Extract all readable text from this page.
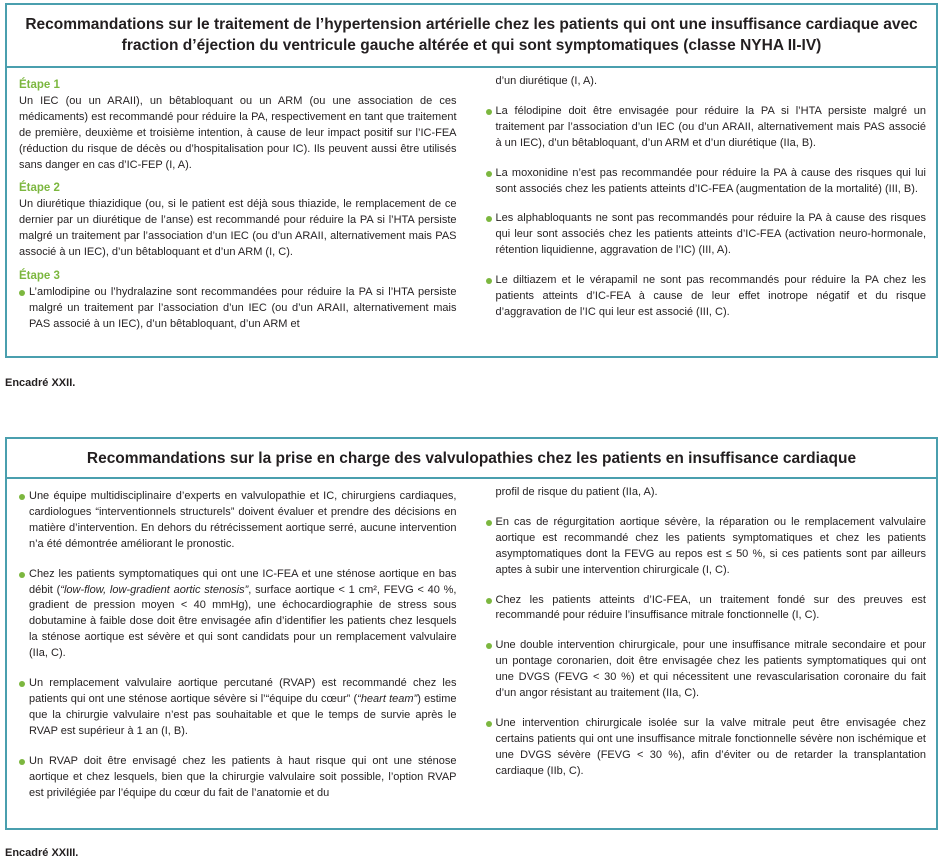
Recommandations sur le traitement de l’hypertension artérielle chez les patients qui ont une insuffisance cardiaque avec
fraction d’éjection du ventricule gauche altérée et qui sont symptomatiques (classe NYHA II-IV)
Étape 1

Un IEC (ou un ARAII), un bêtabloquant ou un ARM (ou une association de ces médicaments) est recommandé pour réduire la PA, respectivement en tant que traitement de première, deuxième et troisième intention, à cause de leur impact positif sur l’IC-FEA (réduction du risque de décès ou d’hospitalisation pour IC). Ils peuvent aussi être utilisés sans danger en cas d’IC-FEP (I, A).

Étape 2

Un diurétique thiazidique (ou, si le patient est déjà sous thiazide, le remplacement de ce dernier par un diurétique de l’anse) est recommandé pour réduire la PA si l’HTA persiste malgré un traitement par l’association d’un IEC (ou d’un ARAII, alternativement mais PAS associé à un IEC), d’un bêtabloquant et d’un ARM (I, C).

Étape 3
L’amlodipine ou l’hydralazine sont recommandées pour réduire la PA si l’HTA persiste malgré un traitement par l’association d’un IEC (ou d’un ARAII, alternativement mais PAS associé à un IEC), d’un bêtabloquant, d’un ARM et

d’un diurétique (I, A).

La félodipine doit être envisagée pour réduire la PA si l’HTA persiste malgré un traitement par l’association d’un IEC (ou d’un ARAII, alternativement mais PAS associé à un IEC), d’un bêtabloquant, d’un ARM et d’un diurétique (IIa, B).
La moxonidine n’est pas recommandée pour réduire la PA à cause des risques qui lui sont associés chez les patients atteints d’IC-FEA (augmentation de la mortalité) (III, B).
Les alphabloquants ne sont pas recommandés pour réduire la PA à cause des risques qui leur sont associés chez les patients atteints d’IC-FEA (activation neuro-hormonale, rétention liquidienne, aggravation de l’IC) (III, A).
Le diltiazem et le vérapamil ne sont pas recommandés pour réduire la PA chez les patients atteints d’IC-FEA à cause de leur effet inotrope négatif et du risque d’aggravation de l’IC qui leur est associé (III, C).
Encadré XXII.
Recommandations sur la prise en charge des valvulopathies chez les patients en insuffisance cardiaque
Une équipe multidisciplinaire d’experts en valvulopathie et IC, chirurgiens cardiaques, cardiologues “interventionnels structurels” doivent évaluer et prendre des décisions en matière d’intervention. En dehors du rétrécissement aortique serré, aucune intervention n’a été démontrée améliorant le pronostic.
Chez les patients symptomatiques qui ont une IC-FEA et une sténose aortique en bas débit (“low-flow, low-gradient aortic stenosis”, surface aortique < 1 cm², FEVG < 40 %, gradient de pression moyen < 40 mmHg), une échocardiographie de stress sous dobutamine à faible dose doit être envisagée afin d’identifier les patients chez lesquels la sténose aortique est sévère et qui sont candidats pour un remplacement valvulaire (IIa, C).
Un remplacement valvulaire aortique percutané (RVAP) est recommandé chez les patients qui ont une sténose aortique sévère si l’“équipe du cœur” (“heart team”) estime que la chirurgie valvulaire n’est pas souhaitable et que le temps de survie après le RVAP est supérieur à 1 an (I, B).
Un RVAP doit être envisagé chez les patients à haut risque qui ont une sténose aortique et chez lesquels, bien que la chirurgie valvulaire soit possible, l’option RVAP est privilégiée par l’équipe du cœur du fait de l’anatomie et du

profil de risque du patient (IIa, A).

En cas de régurgitation aortique sévère, la réparation ou le remplacement valvulaire aortique est recommandé chez les patients symptomatiques et chez les patients asymptomatiques dont la FEVG au repos est ≤ 50 %, si ces patients sont par ailleurs aptes à subir une intervention chirurgicale (I, C).
Chez les patients atteints d’IC-FEA, un traitement fondé sur des preuves est recommandé pour réduire l’insuffisance mitrale fonctionnelle (I, C).
Une double intervention chirurgicale, pour une insuffisance mitrale secondaire et pour un pontage coronarien, doit être envisagée chez les patients symptomatiques qui ont une DVGS (FEVG < 30 %) et qui nécessitent une revascularisation coronaire du fait d’un angor résistant au traitement (IIa, C).
Une intervention chirurgicale isolée sur la valve mitrale peut être envisagée chez certains patients qui ont une insuffisance mitrale fonctionnelle sévère non ischémique et une DVGS sévère (FEVG < 30 %), afin d’éviter ou de retarder la transplantation cardiaque (IIb, C).
Encadré XXIII.
